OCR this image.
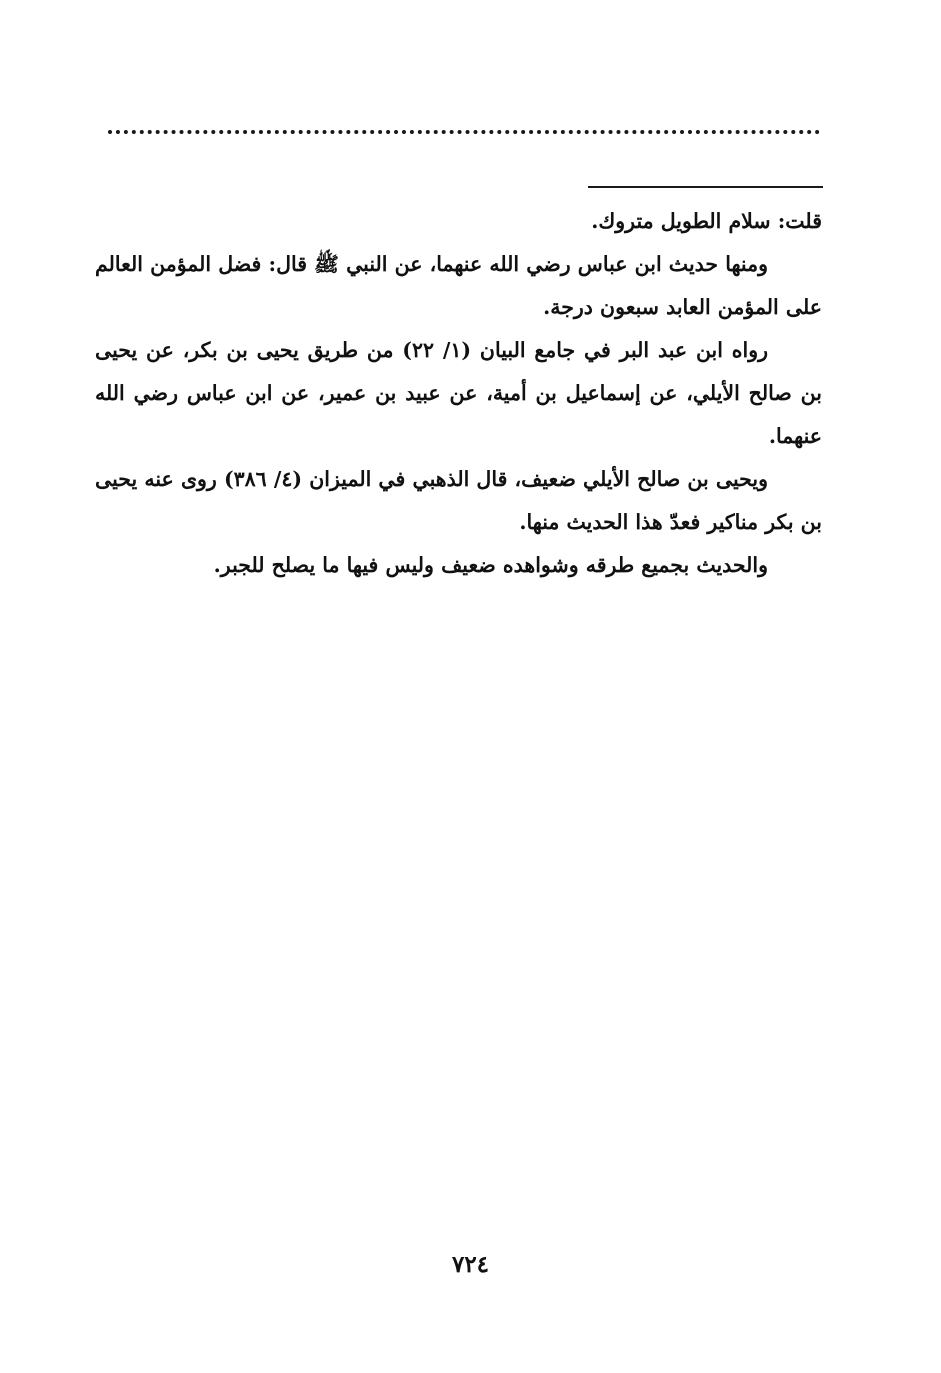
قلت: سلام الطويل متروك.

ومنها حديث ابن عباس رضي الله عنهما، عن النبي ﷺ قال: فضل المؤمن العالم على المؤمن العابد سبعون درجة.

رواه ابن عبد البر في جامع البيان (١/ ٢٢) من طريق يحيى بن بكر، عن يحيى بن صالح الأيلي، عن إسماعيل بن أمية، عن عبيد بن عمير، عن ابن عباس رضي الله عنهما.

ويحيى بن صالح الأيلي ضعيف، قال الذهبي في الميزان (٤/ ٣٨٦) روى عنه يحيى بن بكر مناكير فعدّ هذا الحديث منها.

والحديث بجميع طرقه وشواهده ضعيف وليس فيها ما يصلح للجبر.

٧٢٤
